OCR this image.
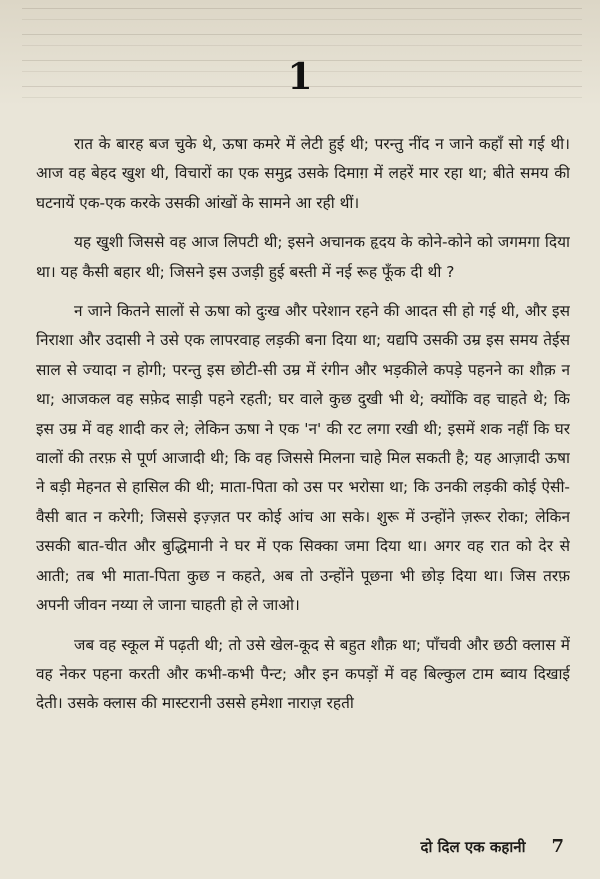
1

रात के बारह बज चुके थे, ऊषा कमरे में लेटी हुई थी; परन्तु नींद न जाने कहाँ सो गई थी। आज वह बेहद खुश थी, विचारों का एक समुद्र उसके दिमाग़ में लहरें मार रहा था; बीते समय की घटनायें एक-एक करके उसकी आंखों के सामने आ रही थीं।

यह खुशी जिससे वह आज लिपटी थी; इसने अचानक हृदय के कोने-कोने को जगमगा दिया था। यह कैसी बहार थी; जिसने इस उजड़ी हुई बस्ती में नई रूह फूँक दी थी ?

न जाने कितने सालों से ऊषा को दुःख और परेशान रहने की आदत सी हो गई थी, और इस निराशा और उदासी ने उसे एक लापरवाह लड़की बना दिया था; यद्यपि उसकी उम्र इस समय तेईस साल से ज्यादा न होगी; परन्तु इस छोटी-सी उम्र में रंगीन और भड़कीले कपड़े पहनने का शौक़ न था; आजकल वह सफ़ेद साड़ी पहने रहती; घर वाले कुछ दुखी भी थे; क्योंकि वह चाहते थे; कि इस उम्र में वह शादी कर ले; लेकिन ऊषा ने एक 'न' की रट लगा रखी थी; इसमें शक नहीं कि घर वालों की तरफ़ से पूर्ण आजादी थी; कि वह जिससे मिलना चाहे मिल सकती है; यह आज़ादी ऊषा ने बड़ी मेहनत से हासिल की थी; माता-पिता को उस पर भरोसा था; कि उनकी लड़की कोई ऐसी-वैसी बात न करेगी; जिससे इज़्ज़त पर कोई आंच आ सके। शुरू में उन्होंने ज़रूर रोका; लेकिन उसकी बात-चीत और बुद्धिमानी ने घर में एक सिक्का जमा दिया था। अगर वह रात को देर से आती; तब भी माता-पिता कुछ न कहते, अब तो उन्होंने पूछना भी छोड़ दिया था। जिस तरफ़ अपनी जीवन नय्या ले जाना चाहती हो ले जाओ।

जब वह स्कूल में पढ़ती थी; तो उसे खेल-कूद से बहुत शौक़ था; पाँचवी और छठी क्लास में वह नेकर पहना करती और कभी-कभी पैन्ट; और इन कपड़ों में वह बिल्कुल टाम ब्वाय दिखाई देती। उसके क्लास की मास्टरानी उससे हमेशा नाराज़ रहती

दो दिल एक कहानी 7
